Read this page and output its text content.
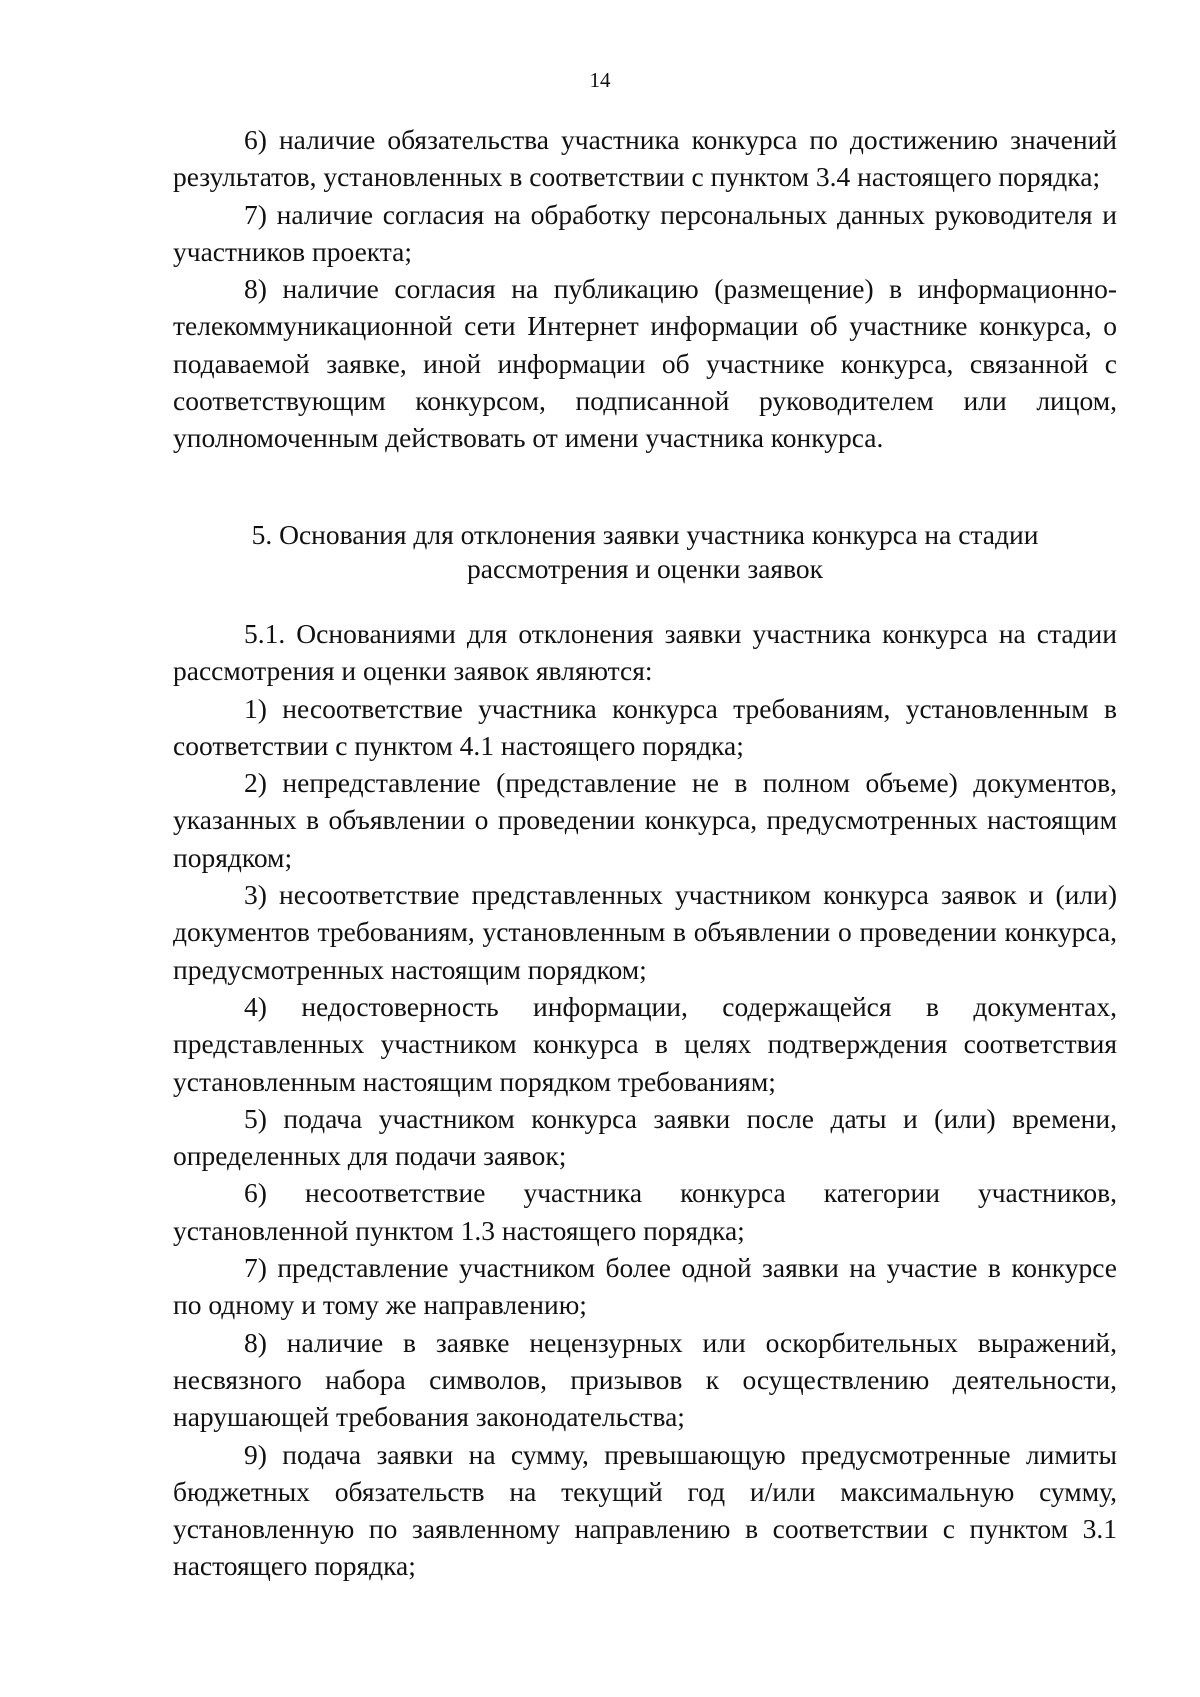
14

6) наличие обязательства участника конкурса по достижению значений результатов, установленных в соответствии с пунктом 3.4 настоящего порядка;

7) наличие согласия на обработку персональных данных руководителя и участников проекта;

8) наличие согласия на публикацию (размещение) в информационно-телекоммуникационной сети Интернет информации об участнике конкурса, о подаваемой заявке, иной информации об участнике конкурса, связанной с соответствующим конкурсом, подписанной руководителем или лицом, уполномоченным действовать от имени участника конкурса.

5. Основания для отклонения заявки участника конкурса на стадии
рассмотрения и оценки заявок

5.1. Основаниями для отклонения заявки участника конкурса на стадии рассмотрения и оценки заявок являются:

1) несоответствие участника конкурса требованиям, установленным в соответствии с пунктом 4.1 настоящего порядка;

2) непредставление (представление не в полном объеме) документов, указанных в объявлении о проведении конкурса, предусмотренных настоящим порядком;

3) несоответствие представленных участником конкурса заявок и (или) документов требованиям, установленным в объявлении о проведении конкурса, предусмотренных настоящим порядком;

4) недостоверность информации, содержащейся в документах, представленных участником конкурса в целях подтверждения соответствия установленным настоящим порядком требованиям;

5) подача участником конкурса заявки после даты и (или) времени, определенных для подачи заявок;

6) несоответствие участника конкурса категории участников, установленной пунктом 1.3 настоящего порядка;

7) представление участником более одной заявки на участие в конкурсе по одному и тому же направлению;

8) наличие в заявке нецензурных или оскорбительных выражений, несвязного набора символов, призывов к осуществлению деятельности, нарушающей требования законодательства;

9) подача заявки на сумму, превышающую предусмотренные лимиты бюджетных обязательств на текущий год и/или максимальную сумму, установленную по заявленному направлению в соответствии с пунктом 3.1 настоящего порядка;
